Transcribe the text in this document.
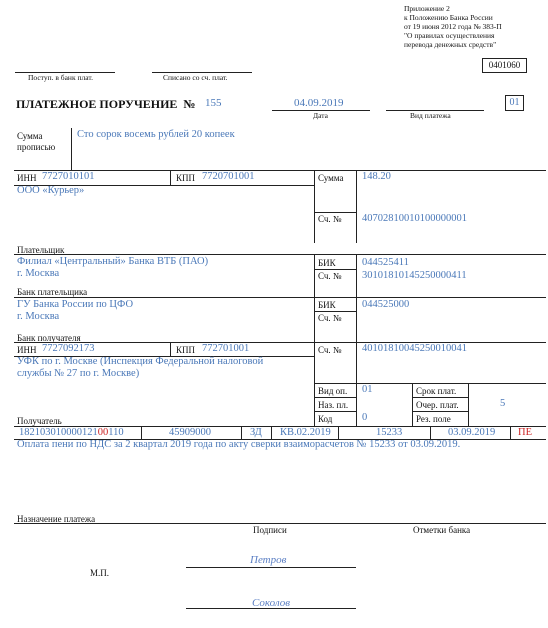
Приложение 2
к Положению Банка России
от 19 июня 2012 года № 383-П
"О правилах осуществления
перевода денежных средств"
0401060
Поступ. в банк плат.	Списано со сч. плат.
ПЛАТЕЖНОЕ ПОРУЧЕНИЕ  № 155	04.09.2019
Дата	Вид платежа
01
Сумма прописью
Сто сорок восемь рублей 20 копеек
ИНН 7727010101	КПП 7720701001
ООО «Курьер»
Сумма 148.20
Сч. № 40702810010100000001
Плательщик
Филиал «Центральный» Банка ВТБ (ПАО)
г. Москва
БИК	044525411
Сч. № 30101810145250000411
Банк плательщика
ГУ Банка России по ЦФО
г. Москва
БИК	044525000
Сч. №
Банк получателя
ИНН 7727092173	КПП 772701001
УФК по г. Москве (Инспекция Федеральной налоговой
службы № 27 по г. Москве)
Сч. № 40101810045250010041
Вид оп. 01	Срок плат.
Наз. пл.	Очер. плат.	5
Код	0	Рез. поле
Получатель
18210301000012100110	45909000	ЗД КВ.02.2019	15233	03.09.2019 ПЕ
Оплата пени по НДС за 2 квартал 2019 года по акту сверки взаиморасчетов № 15233 от 03.09.2019.
Назначение платежа
Подписи	Отметки банка
Петров
М.П.
Соколов
